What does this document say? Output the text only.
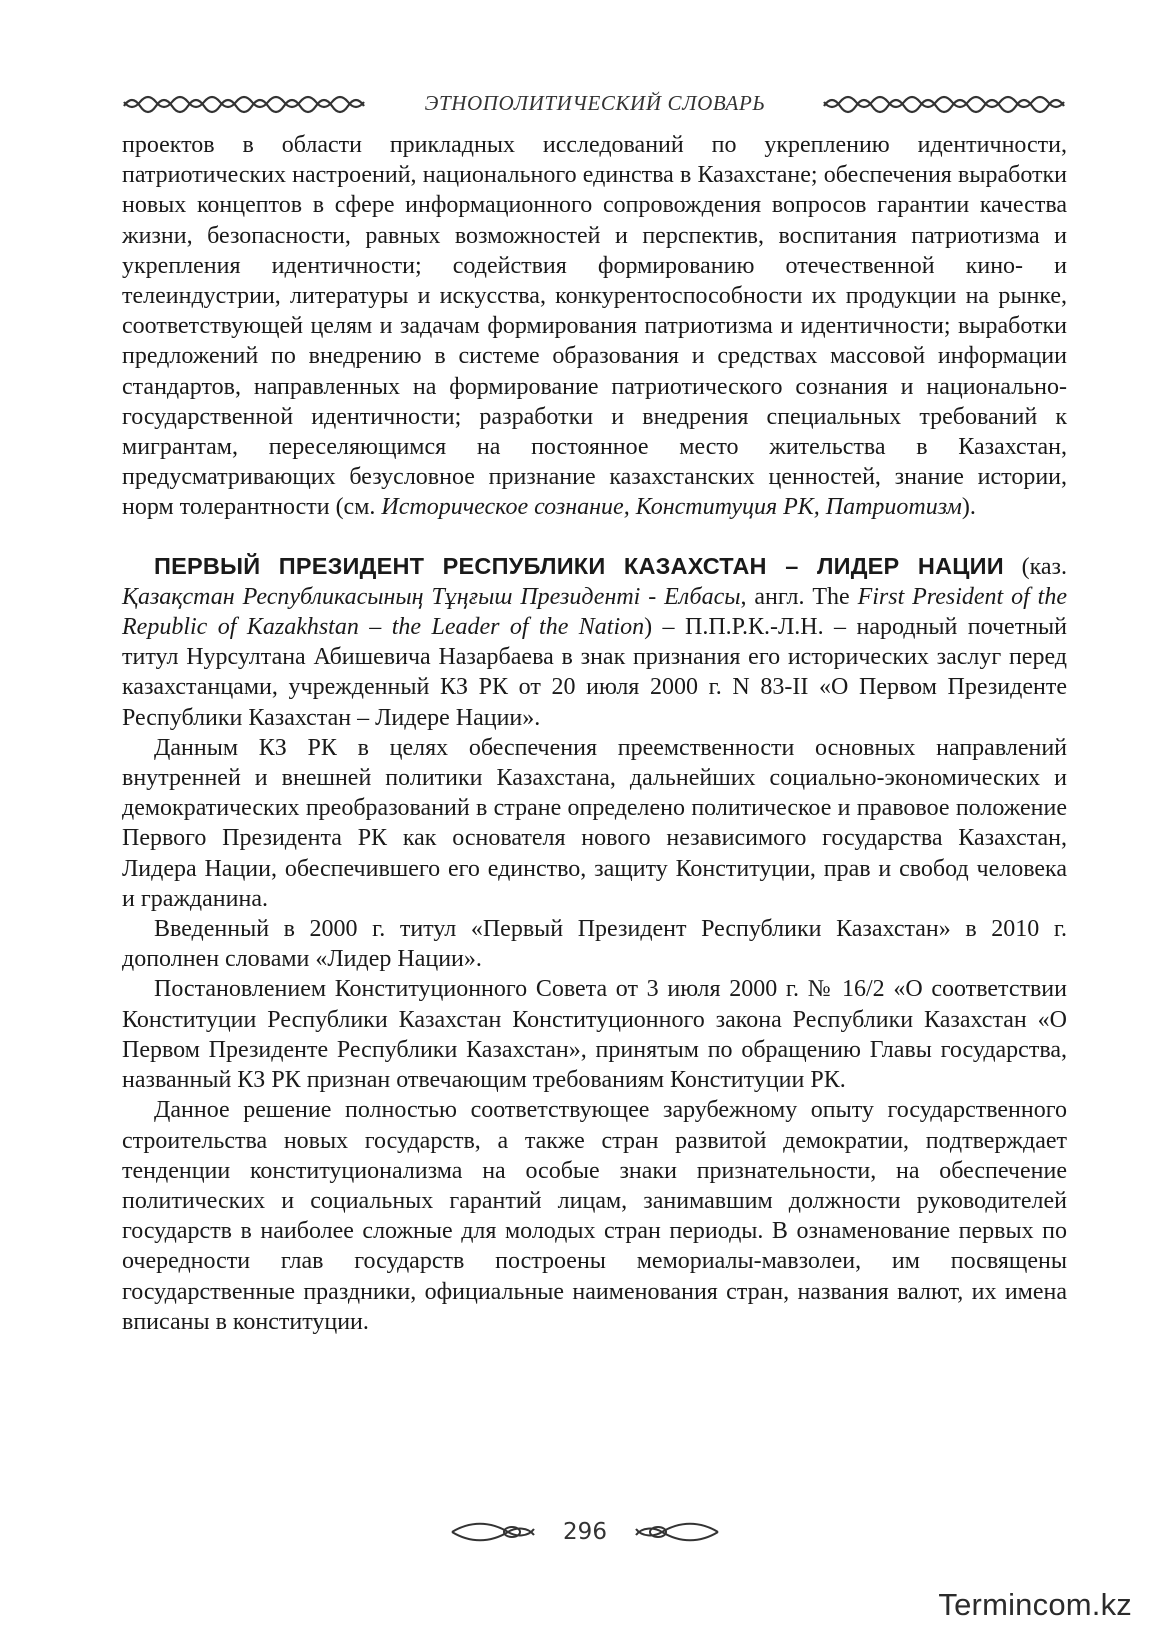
ЭТНОПОЛИТИЧЕСКИЙ СЛОВАРЬ

проектов в области прикладных исследований по укреплению идентичности, патриотических настроений, национального единства в Казахстане; обеспечения выработки новых концептов в сфере информационного сопровождения вопросов гарантии качества жизни, безопасности, равных возможностей и перспектив, воспитания патриотизма и укрепления идентичности; содействия формированию отечественной кино- и телеиндустрии, литературы и искусства, конкурентоспособности их продукции на рынке, соответствующей целям и задачам формирования патриотизма и идентичности; выработки предложений по внедрению в системе образования и средствах массовой информации стандартов, направленных на формирование патриотического сознания и национально-государственной идентичности; разработки и внедрения специальных требований к мигрантам, переселяющимся на постоянное место жительства в Казахстан, предусматривающих безусловное признание казахстанских ценностей, знание истории, норм толерантности (см. Историческое сознание, Конституция РК, Патриотизм).

ПЕРВЫЙ ПРЕЗИДЕНТ РЕСПУБЛИКИ КАЗАХСТАН – ЛИДЕР НАЦИИ (каз. Қазақстан Республикасының Тұңғыш Президенті - Елбасы, англ. The First President of the Republic of Kazakhstan – the Leader of the Nation) – П.П.Р.К.-Л.Н. – народный почетный титул Нурсултана Абишевича Назарбаева в знак признания его исторических заслуг перед казахстанцами, учрежденный КЗ РК от 20 июля 2000 г. N 83-II «О Первом Президенте Республики Казахстан – Лидере Нации».

Данным КЗ РК в целях обеспечения преемственности основных направлений внутренней и внешней политики Казахстана, дальнейших социально-экономических и демократических преобразований в стране определено политическое и правовое положение Первого Президента РК как основателя нового независимого государства Казахстан, Лидера Нации, обеспечившего его единство, защиту Конституции, прав и свобод человека и гражданина.

Введенный в 2000 г. титул «Первый Президент Республики Казахстан» в 2010 г. дополнен словами «Лидер Нации».

Постановлением Конституционного Совета от 3 июля 2000 г. № 16/2 «О соответствии Конституции Республики Казахстан Конституционного закона Республики Казахстан «О Первом Президенте Республики Казахстан», принятым по обращению Главы государства, названный КЗ РК признан отвечающим требованиям Конституции РК.

Данное решение полностью соответствующее зарубежному опыту государственного строительства новых государств, а также стран развитой демократии, подтверждает тенденции конституционализма на особые знаки признательности, на обеспечение политических и социальных гарантий лицам, занимавшим должности руководителей государств в наиболее сложные для молодых стран периоды. В ознаменование первых по очередности глав государств построены мемориалы-мавзолеи, им посвящены государственные праздники, официальные наименования стран, названия валют, их имена вписаны в конституции.

296
Termincom.kz
